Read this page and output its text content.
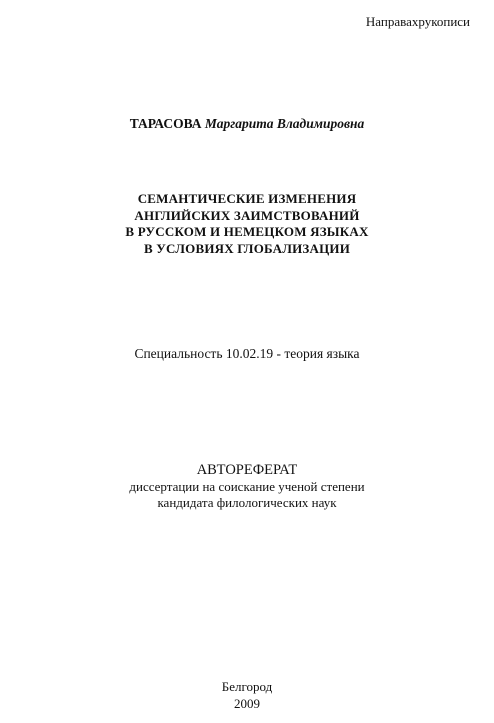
Направахрукописи
ТАРАСОВА Маргарита Владимировна
СЕМАНТИЧЕСКИЕ ИЗМЕНЕНИЯ
АНГЛИЙСКИХ ЗАИМСТВОВАНИЙ
В РУССКОМ И НЕМЕЦКОМ ЯЗЫКАХ
В УСЛОВИЯХ ГЛОБАЛИЗАЦИИ
Специальность 10.02.19 - теория языка
АВТОРЕФЕРАТ
диссертации на соискание ученой степени
кандидата филологических наук
Белгород
2009
